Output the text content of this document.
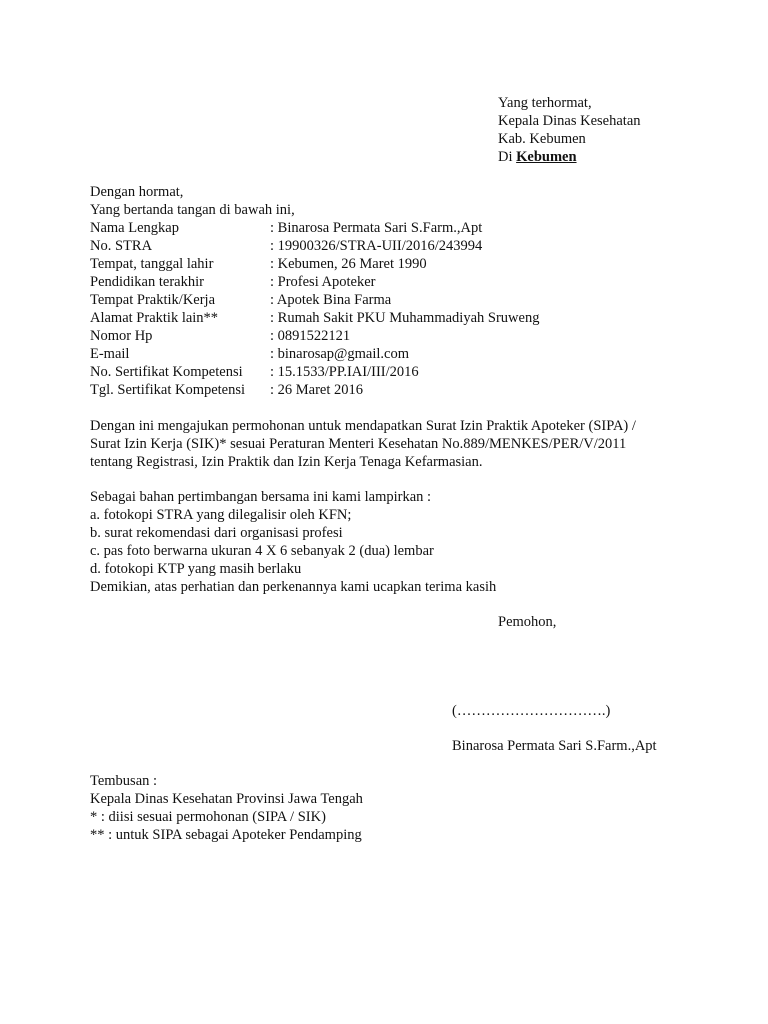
Yang terhormat,
Kepala Dinas Kesehatan
Kab. Kebumen
Di Kebumen
Dengan hormat,
Yang bertanda tangan di bawah ini,
Nama Lengkap	: Binarosa Permata Sari S.Farm.,Apt
No. STRA	: 19900326/STRA-UII/2016/243994
Tempat, tanggal lahir	: Kebumen, 26 Maret 1990
Pendidikan terakhir	: Profesi Apoteker
Tempat Praktik/Kerja	: Apotek Bina Farma
Alamat Praktik lain**	: Rumah Sakit PKU Muhammadiyah Sruweng
Nomor Hp	: 0891522121
E-mail	: binarosap@gmail.com
No. Sertifikat Kompetensi : 15.1533/PP.IAI/III/2016
Tgl. Sertifikat Kompetensi : 26 Maret 2016
Dengan ini mengajukan permohonan untuk mendapatkan Surat Izin Praktik Apoteker (SIPA) /
Surat Izin Kerja (SIK)* sesuai Peraturan Menteri Kesehatan No.889/MENKES/PER/V/2011
tentang Registrasi, Izin Praktik dan Izin Kerja Tenaga Kefarmasian.
Sebagai bahan pertimbangan bersama ini kami lampirkan :
a. fotokopi STRA yang dilegalisir oleh KFN;
b. surat rekomendasi dari organisasi profesi
c. pas foto berwarna ukuran 4 X 6 sebanyak 2 (dua) lembar
d. fotokopi KTP yang masih berlaku
Demikian, atas perhatian dan perkenannya kami ucapkan terima kasih
Pemohon,
(………………………….)
Binarosa Permata Sari S.Farm.,Apt
Tembusan :
Kepala Dinas Kesehatan Provinsi Jawa Tengah
* : diisi sesuai permohonan (SIPA / SIK)
** : untuk SIPA sebagai Apoteker Pendamping
